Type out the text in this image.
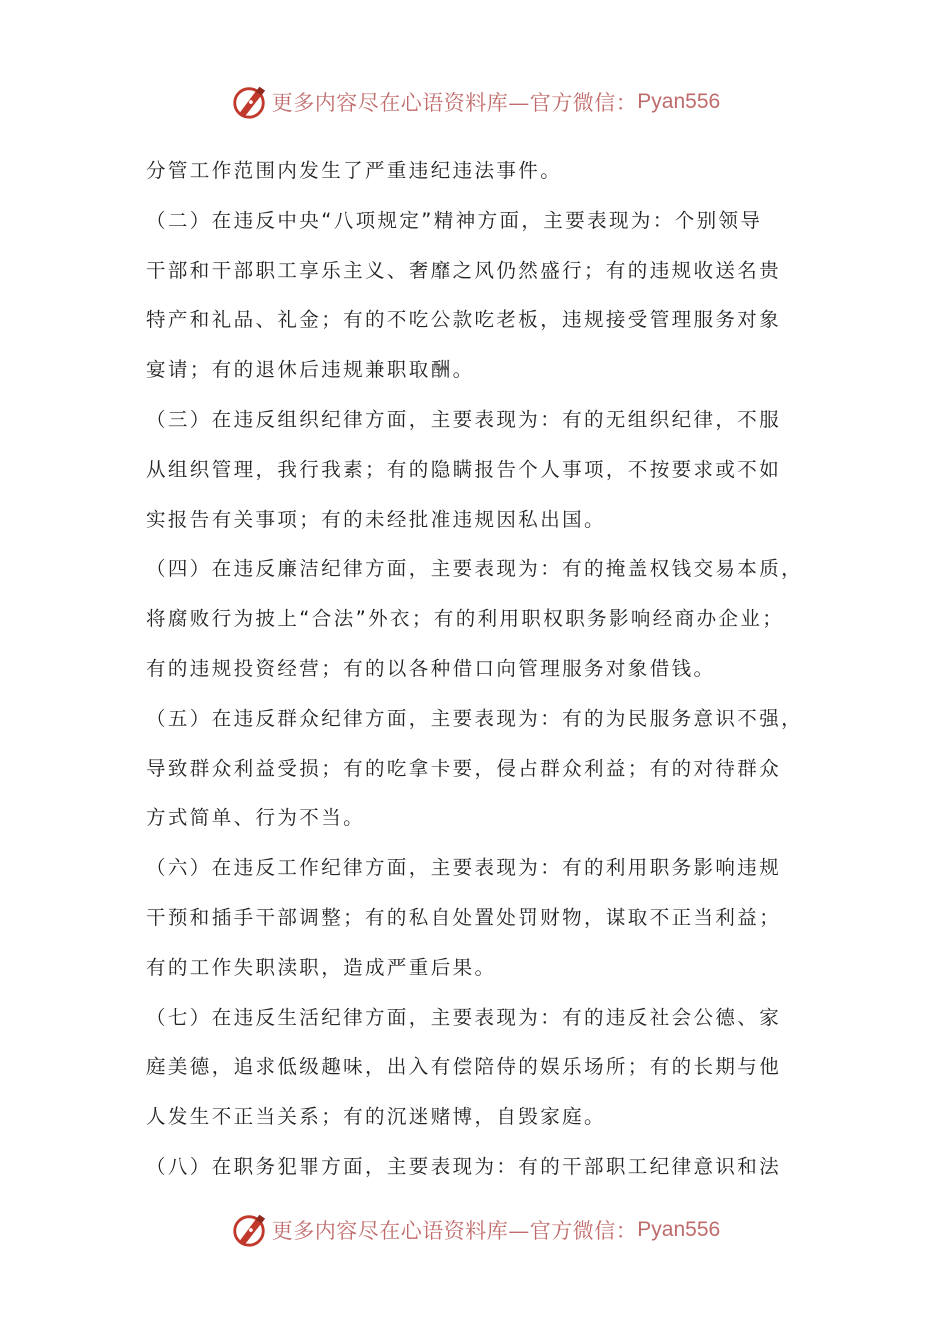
更多内容尽在心语资料库—官方微信： Pyan556
分管工作范围内发生了严重违纪违法事件。
（二）在违反中央“八项规定”精神方面，主要表现为：个别领导
干部和干部职工享乐主义、奢靡之风仍然盛行；有的违规收送名贵
特产和礼品、礼金；有的不吃公款吃老板，违规接受管理服务对象
宴请；有的退休后违规兼职取酬。
（三）在违反组织纪律方面，主要表现为：有的无组织纪律，不服
从组织管理，我行我素；有的隐瞒报告个人事项，不按要求或不如
实报告有关事项；有的未经批准违规因私出国。
（四）在违反廉洁纪律方面，主要表现为：有的掩盖权钱交易本质，
将腐败行为披上“合法”外衣；有的利用职权职务影响经商办企业；
有的违规投资经营；有的以各种借口向管理服务对象借钱。
（五）在违反群众纪律方面，主要表现为：有的为民服务意识不强，
导致群众利益受损；有的吃拿卡要，侵占群众利益；有的对待群众
方式简单、行为不当。
（六）在违反工作纪律方面，主要表现为：有的利用职务影响违规
干预和插手干部调整；有的私自处置处罚财物，谋取不正当利益；
有的工作失职渎职，造成严重后果。
（七）在违反生活纪律方面，主要表现为：有的违反社会公德、家
庭美德，追求低级趣味，出入有偿陪侍的娱乐场所；有的长期与他
人发生不正当关系；有的沉迷赌博，自毁家庭。
（八）在职务犯罪方面，主要表现为：有的干部职工纪律意识和法
更多内容尽在心语资料库—官方微信： Pyan556
